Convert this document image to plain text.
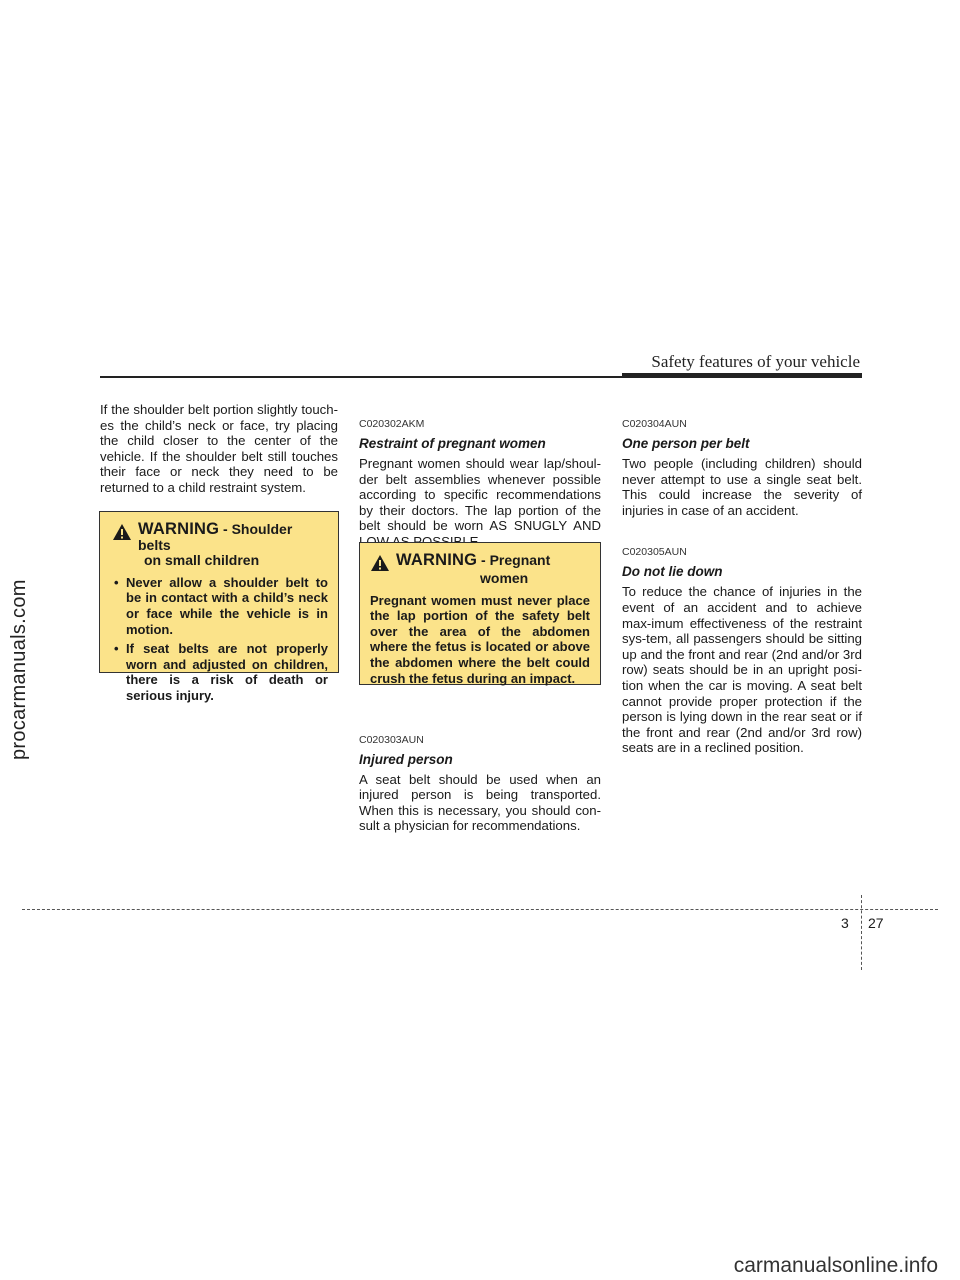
Safety features of your vehicle

If the shoulder belt portion slightly touch-es the child’s neck or face, try placing the child closer to the center of the vehicle. If the shoulder belt still touches their face or neck they need to be returned to a child restraint system.

WARNING - Shoulder belts
on small children
• Never allow a shoulder belt to be in contact with a child’s neck or face while the vehicle is in motion.
• If seat belts are not properly worn and adjusted on children, there is a risk of death or serious injury.
C020302AKM
Restraint of pregnant women

Pregnant women should wear lap/shoul-der belt assemblies whenever possible according to specific recommendations by their doctors. The lap portion of the belt should be worn AS SNUGLY AND

C020303AUN
Injured person

A seat belt should be used when an injured person is being transported. When this is necessary, you should con-sult a physician for recommendations.

WARNING - Pregnant
women
Pregnant women must never place the lap portion of the safety belt over the area of the abdomen where the fetus is located or above the abdomen where the belt could crush the fetus during an impact.
C020304AUN
One person per belt

Two people (including children) should never attempt to use a single seat belt. This could increase the severity of injuries in case of an accident.

C020305AUN
Do not lie down

To reduce the chance of injuries in the event of an accident and to achieve max-imum effectiveness of the restraint sys-tem, all passengers should be sitting up and the front and rear (2nd and/or 3rd row) seats should be in an upright posi-tion when the car is moving. A seat belt cannot provide proper protection if the person is lying down in the rear seat or if the front and rear (2nd and/or 3rd row) seats are in a reclined position.

3 27
procarmanuals.com
carmanualsonline.info
